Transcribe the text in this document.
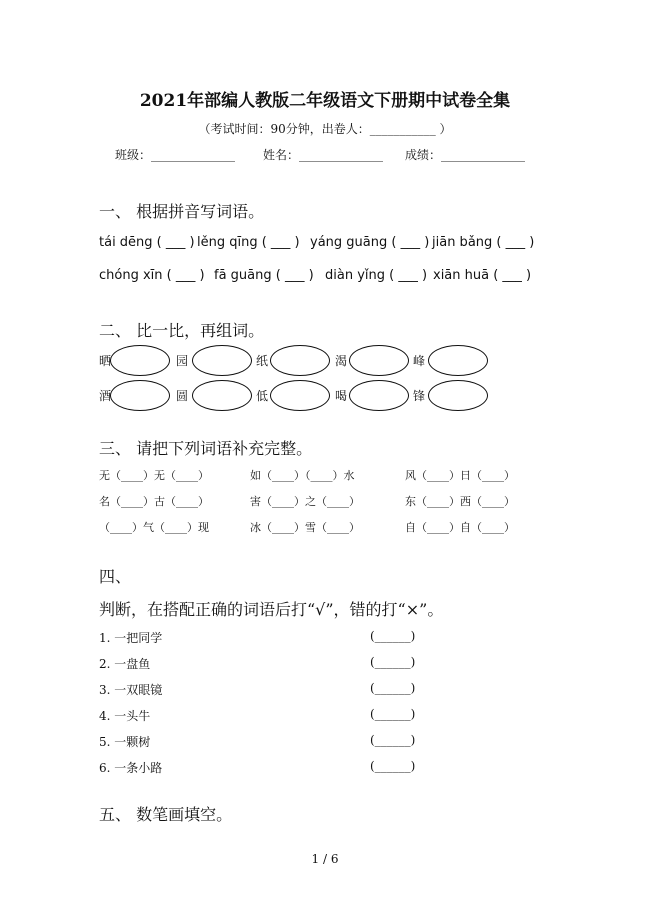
2021年部编人教版二年级语文下册期中试卷全集
（考试时间：90分钟，出卷人：___________ ）
班级：______________ 姓名：______________ 成绩：______________
一、 根据拼音写词语。
tái dēng ( ___ ) lěng qīng ( ___ ) yáng guāng ( ___ ) jiān bǎng ( ___ )
chóng xīn ( ___ ) fā guāng ( ___ ) diàn yǐng ( ___ ) xiān huā ( ___ )
二、 比一比，再组词。
晒	园	纸	渴	峰
酒	圆	低	喝	锋
三、 请把下列词语补充完整。
无（____）无（____）	如（____）（____）水	风（____）日（____）
名（____）古（____）	害（____）之（____）	东（____）西（____）
（____）气（____）现	冰（____）雪（____）	自（____）自（____）
四、
判断，在搭配正确的词语后打“√”，错的打“×”。
1. 一把同学	(______)
2. 一盘鱼	(______)
3. 一双眼镜	(______)
4. 一头牛	(______)
5. 一颗树	(______)
6. 一条小路	(______)
五、 数笔画填空。
1 / 6
